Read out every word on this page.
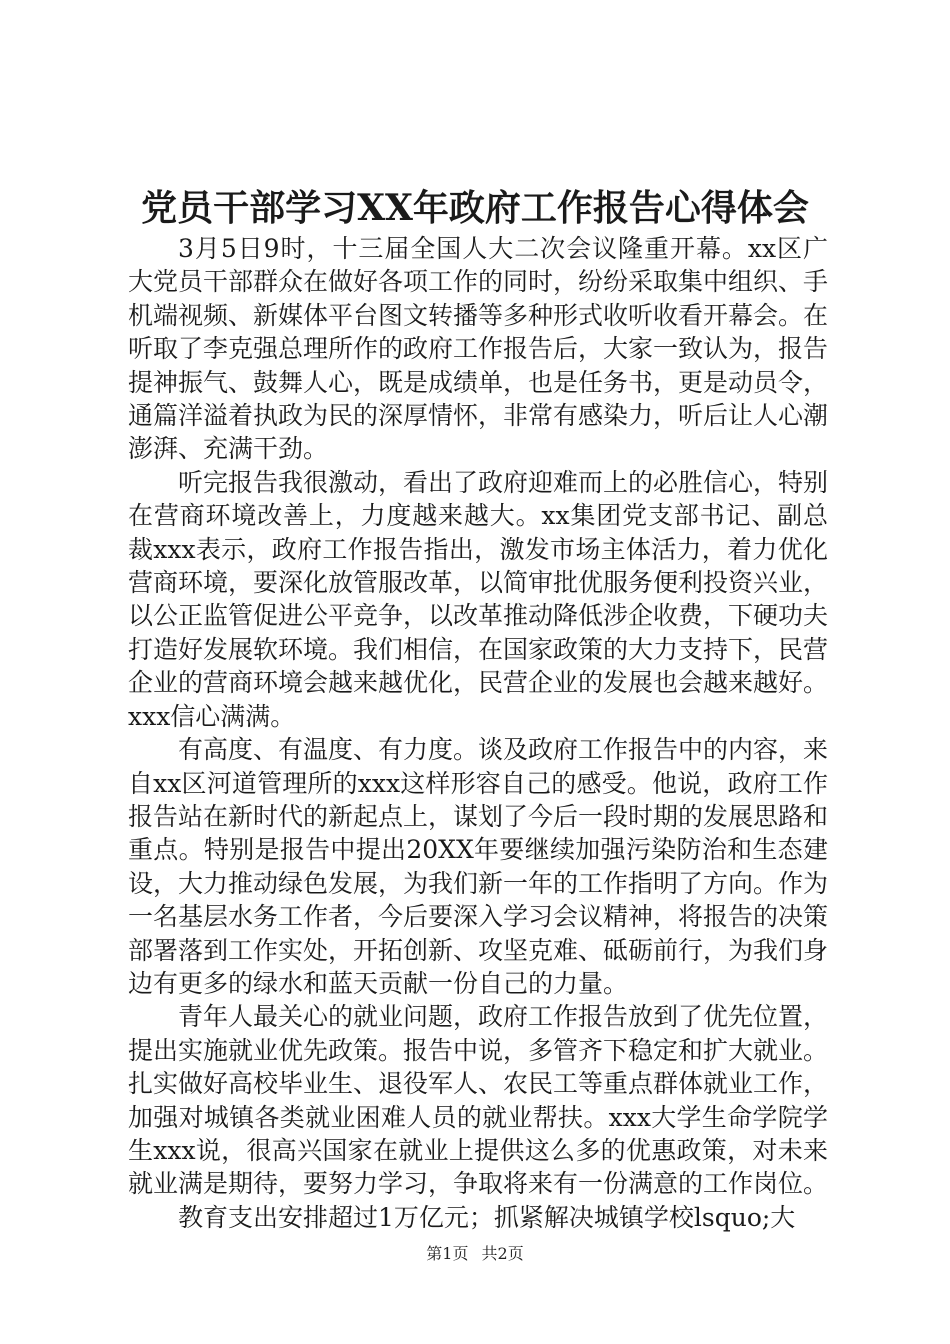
党员干部学习XX年政府工作报告心得体会

3月5日9时，十三届全国人大二次会议隆重开幕。xx区广大党员干部群众在做好各项工作的同时，纷纷采取集中组织、手机端视频、新媒体平台图文转播等多种形式收听收看开幕会。在听取了李克强总理所作的政府工作报告后，大家一致认为，报告提神振气、鼓舞人心，既是成绩单，也是任务书，更是动员令，通篇洋溢着执政为民的深厚情怀，非常有感染力，听后让人心潮澎湃、充满干劲。

听完报告我很激动，看出了政府迎难而上的必胜信心，特别在营商环境改善上，力度越来越大。xx集团党支部书记、副总裁xxx表示，政府工作报告指出，激发市场主体活力，着力优化营商环境，要深化放管服改革，以简审批优服务便利投资兴业，以公正监管促进公平竞争，以改革推动降低涉企收费，下硬功夫打造好发展软环境。我们相信，在国家政策的大力支持下，民营企业的营商环境会越来越优化，民营企业的发展也会越来越好。xxx信心满满。

有高度、有温度、有力度。谈及政府工作报告中的内容，来自xx区河道管理所的xxx这样形容自己的感受。他说，政府工作报告站在新时代的新起点上，谋划了今后一段时期的发展思路和重点。特别是报告中提出20XX年要继续加强污染防治和生态建设，大力推动绿色发展，为我们新一年的工作指明了方向。作为一名基层水务工作者，今后要深入学习会议精神，将报告的决策部署落到工作实处，开拓创新、攻坚克难、砥砺前行，为我们身边有更多的绿水和蓝天贡献一份自己的力量。

青年人最关心的就业问题，政府工作报告放到了优先位置，提出实施就业优先政策。报告中说，多管齐下稳定和扩大就业。扎实做好高校毕业生、退役军人、农民工等重点群体就业工作，加强对城镇各类就业困难人员的就业帮扶。xxx大学生命学院学生xxx说，很高兴国家在就业上提供这么多的优惠政策，对未来就业满是期待，要努力学习，争取将来有一份满意的工作岗位。

教育支出安排超过1万亿元；抓紧解决城镇学校lsquo;大

第1页 共2页
